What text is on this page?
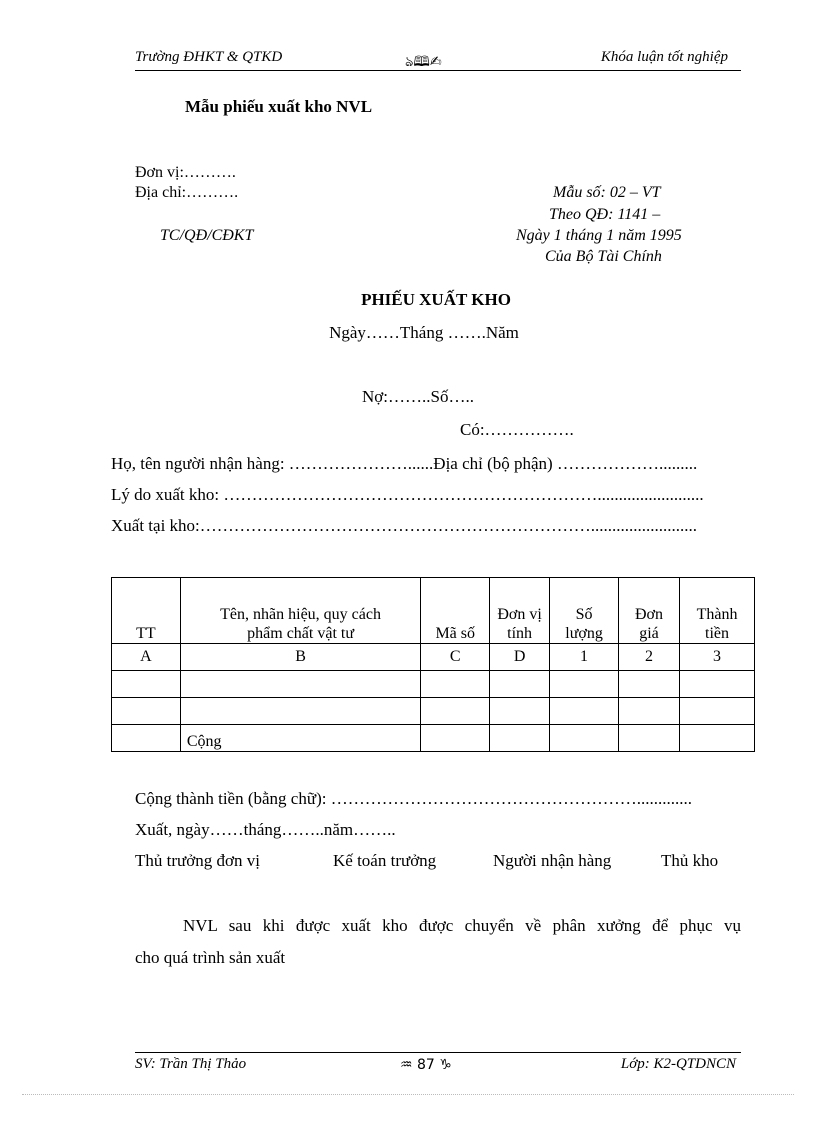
Trường ĐHKT & QTKD	ঌ🕮✍	Khóa luận tốt nghiệp
Mẫu phiếu xuất kho NVL
Đơn vị:……….
Địa chỉ:……….
TC/QĐ/CĐKT
Mẫu số: 02 – VT
Theo QĐ: 1141 –
Ngày 1 tháng 1 năm 1995
Của Bộ Tài Chính
PHIẾU XUẤT KHO
Ngày……Tháng …….Năm
Nợ:……..Số…..
Có:…………….
Họ, tên người nhận hàng: …………………......Địa chỉ (bộ phận) ……………….........
Lý do xuất kho: ………………………………………………………….........................
Xuất tại kho:…………………………………………………………….........................
TT	Tên, nhãn hiệu, quy cách phẩm chất vật tư	Mã số	Đơn vị tính	Số lượng	Đơn giá	Thành tiền
A	B	C	D	1	2	3

	Cộng					
Cộng thành tiền (bằng chữ): ……………………………………………….............
Xuất, ngày……tháng……..năm……..
Thủ trưởng đơn vị	Kế toán trưởng	Người nhận hàng	Thủ kho
NVL sau khi được xuất kho được chuyển về phân xưởng để phục vụ
cho quá trình sản xuất
SV: Trần Thị Thảo	♒ 87 ♑	Lớp: K2-QTDNCN
